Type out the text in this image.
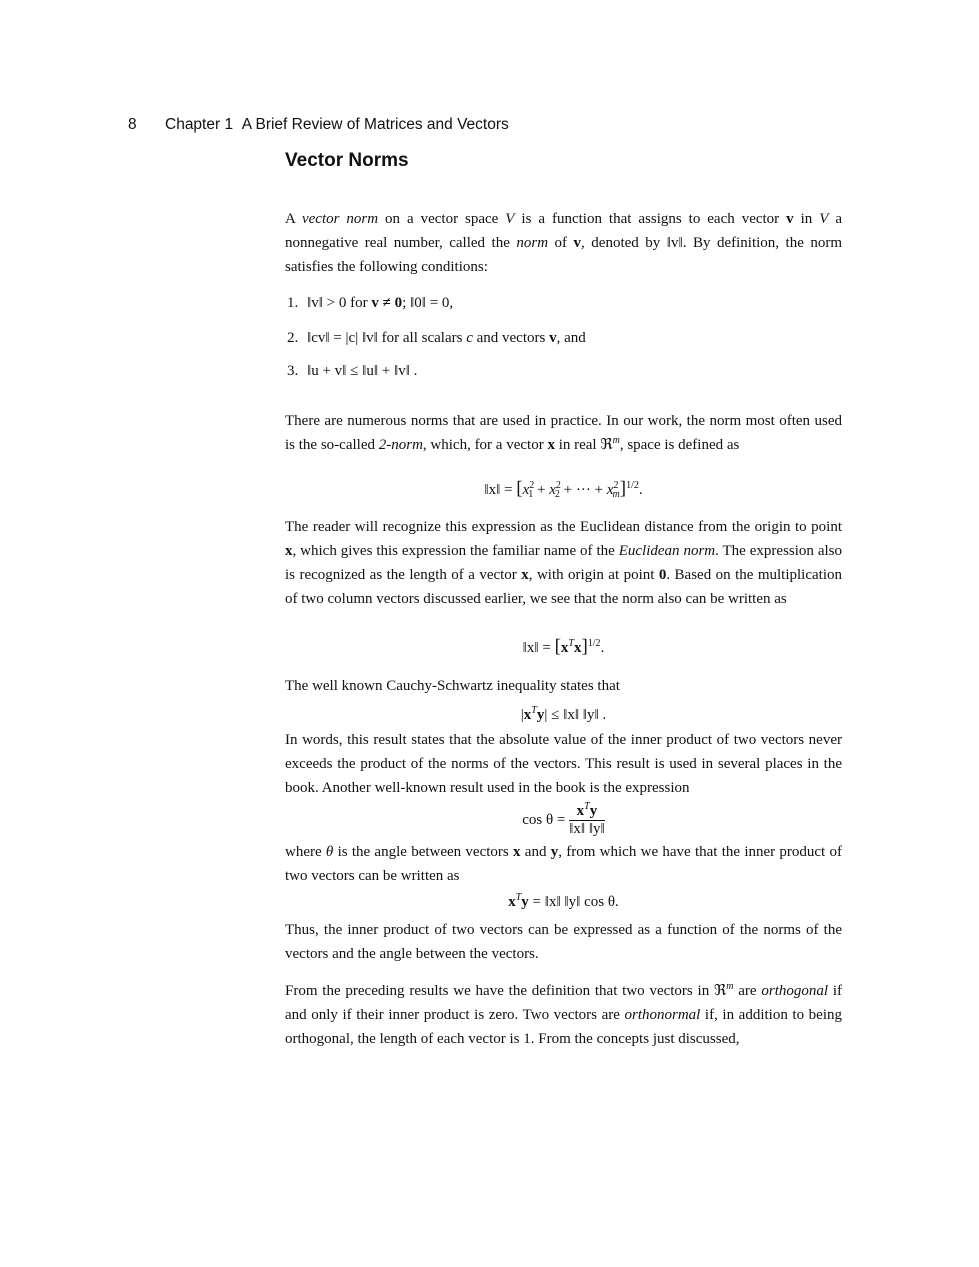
8 Chapter 1 A Brief Review of Matrices and Vectors
Vector Norms

A vector norm on a vector space V is a function that assigns to each vector v in V a nonnegative real number, called the norm of v, denoted by ‖v‖. By definition, the norm satisfies the following conditions:

1. ‖v‖ > 0 for v ≠ 0; ‖0‖ = 0,

2. ‖cv‖ = |c| ‖v‖ for all scalars c and vectors v, and

3. ‖u + v‖ ≤ ‖u‖ + ‖v‖ .

There are numerous norms that are used in practice. In our work, the norm most often used is the so-called 2-norm, which, for a vector x in real ℜ$^m$, space is defined as

‖x‖ = [$x^2_1 + x^2_2$ + ··· + $x^2_m]^{1/2}$.

The reader will recognize this expression as the Euclidean distance from the origin to point x, which gives this expression the familiar name of the Euclidean norm. The expression also is recognized as the length of a vector x, with origin at point 0. Based on the multiplication of two column vectors discussed earlier, we see that the norm also can be written as

‖x‖ = $[x^Tx]^{1/2}$.

The well known Cauchy-Schwartz inequality states that

$|x^Ty|$ ≤ ‖x‖ ‖y‖ .

In words, this result states that the absolute value of the inner product of two vectors never exceeds the product of the norms of the vectors. This result is used in several places in the book. Another well-known result used in the book is the expression

$\cos \theta = \frac{x^Ty}{‖x‖ ‖y‖}$

where θ is the angle between vectors x and y, from which we have that the inner product of two vectors can be written as

$x^Ty$ = ‖x‖ ‖y‖ cos θ.

Thus, the inner product of two vectors can be expressed as a function of the norms of the vectors and the angle between the vectors.

From the preceding results we have the definition that two vectors in ℜ$^m$ are orthogonal if and only if their inner product is zero. Two vectors are orthonormal if, in addition to being orthogonal, the length of each vector is 1. From the concepts just discussed,
